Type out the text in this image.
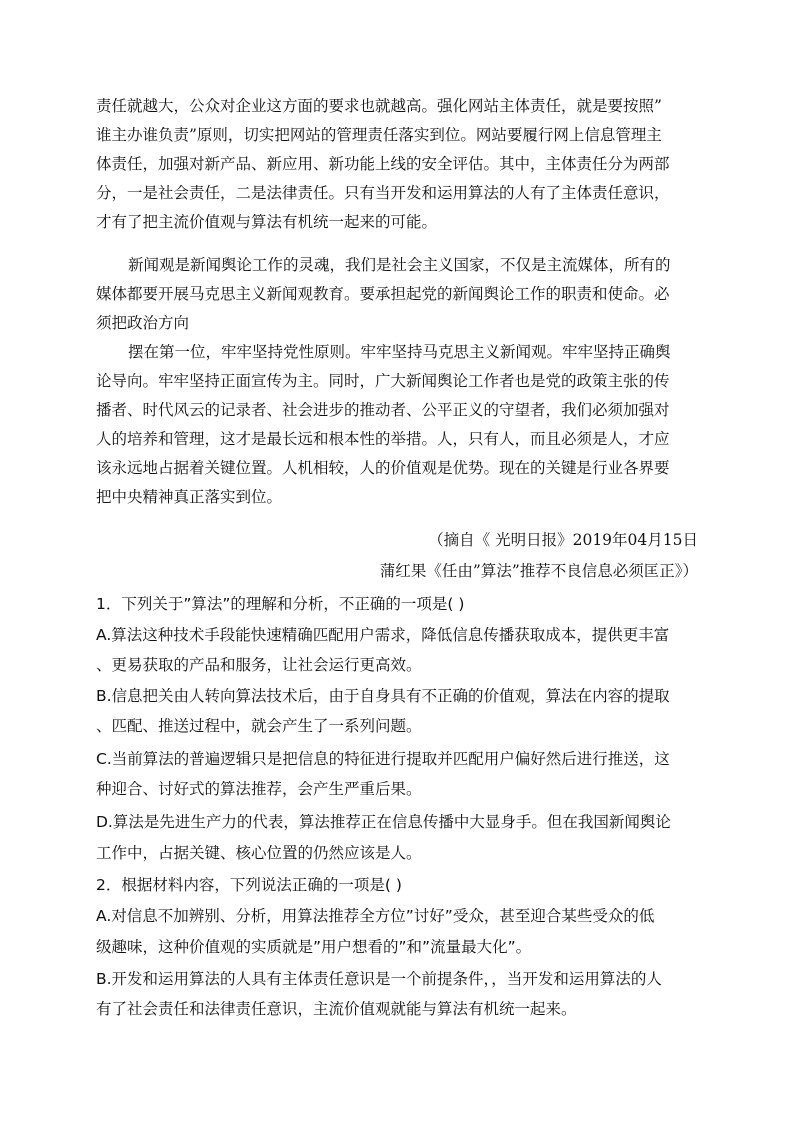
责任就越大，公众对企业这方面的要求也就越高。强化网站主体责任，就是要按照”
谁主办谁负责”原则，切实把网站的管理责任落实到位。网站要履行网上信息管理主
体责任，加强对新产品、新应用、新功能上线的安全评估。其中，主体责任分为两部
分，一是社会责任，二是法律责任。只有当开发和运用算法的人有了主体责任意识，
才有了把主流价值观与算法有机统一起来的可能。
新闻观是新闻舆论工作的灵魂，我们是社会主义国家，不仅是主流媒体，所有的
媒体都要开展马克思主义新闻观教育。要承担起党的新闻舆论工作的职责和使命。必
须把政治方向
摆在第一位，牢牢坚持党性原则。牢牢坚持马克思主义新闻观。牢牢坚持正确舆
论导向。牢牢坚持正面宣传为主。同时，广大新闻舆论工作者也是党的政策主张的传
播者、时代风云的记录者、社会进步的推动者、公平正义的守望者，我们必须加强对
人的培养和管理，这才是最长远和根本性的举措。人，只有人，而且必须是人，才应
该永远地占据着关键位置。人机相较，人的价值观是优势。现在的关键是行业各界要
把中央精神真正落实到位。
（摘自《 光明日报》2019年04月15日
蒲红果《任由”算法”推荐不良信息必须匡正》）
1．下列关于”算法”的理解和分析，不正确的一项是( )
A.算法这种技术手段能快速精确匹配用户需求，降低信息传播获取成本，提供更丰富
、更易获取的产品和服务，让社会运行更高效。
B.信息把关由人转向算法技术后，由于自身具有不正确的价值观，算法在内容的提取
、匹配、推送过程中，就会产生了一系列问题。
C.当前算法的普遍逻辑只是把信息的特征进行提取并匹配用户偏好然后进行推送，这
种迎合、讨好式的算法推荐，会产生严重后果。
D.算法是先进生产力的代表，算法推荐正在信息传播中大显身手。但在我国新闻舆论
工作中，占据关键、核心位置的仍然应该是人。
2．根据材料内容，下列说法正确的一项是( )
A.对信息不加辨别、分析，用算法推荐全方位”讨好”受众，甚至迎合某些受众的低
级趣味，这种价值观的实质就是”用户想看的”和”流量最大化”。
B.开发和运用算法的人具有主体责任意识是一个前提条件，，当开发和运用算法的人
有了社会责任和法律责任意识，主流价值观就能与算法有机统一起来。
